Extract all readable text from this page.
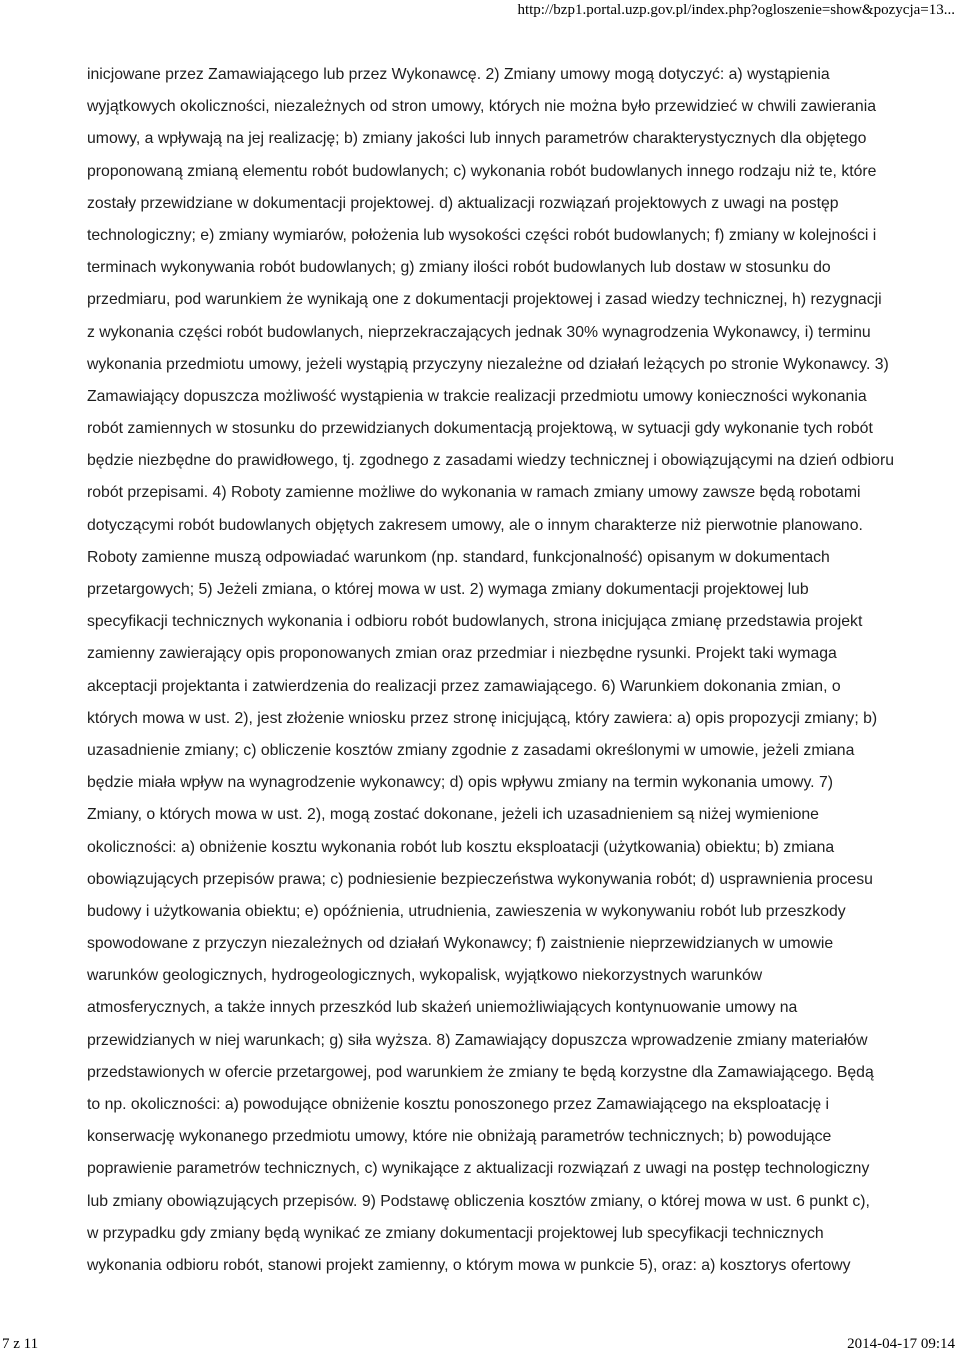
http://bzp1.portal.uzp.gov.pl/index.php?ogloszenie=show&pozycja=13...
inicjowane przez Zamawiającego lub przez Wykonawcę. 2) Zmiany umowy mogą dotyczyć: a) wystąpienia
wyjątkowych okoliczności, niezależnych od stron umowy, których nie można było przewidzieć w chwili zawierania
umowy, a wpływają na jej realizację; b) zmiany jakości lub innych parametrów charakterystycznych dla objętego
proponowaną zmianą elementu robót budowlanych; c) wykonania robót budowlanych innego rodzaju niż te, które
zostały przewidziane w dokumentacji projektowej. d) aktualizacji rozwiązań projektowych z uwagi na postęp
technologiczny; e) zmiany wymiarów, położenia lub wysokości części robót budowlanych; f) zmiany w kolejności i
terminach wykonywania robót budowlanych; g) zmiany ilości robót budowlanych lub dostaw w stosunku do
przedmiaru, pod warunkiem że wynikają one z dokumentacji projektowej i zasad wiedzy technicznej, h) rezygnacji
z wykonania części robót budowlanych, nieprzekraczających jednak 30% wynagrodzenia Wykonawcy, i) terminu
wykonania przedmiotu umowy, jeżeli wystąpią przyczyny niezależne od działań leżących po stronie Wykonawcy. 3)
Zamawiający dopuszcza możliwość wystąpienia w trakcie realizacji przedmiotu umowy konieczności wykonania
robót zamiennych w stosunku do przewidzianych dokumentacją projektową, w sytuacji gdy wykonanie tych robót
będzie niezbędne do prawidłowego, tj. zgodnego z zasadami wiedzy technicznej i obowiązującymi na dzień odbioru
robót przepisami. 4) Roboty zamienne możliwe do wykonania w ramach zmiany umowy zawsze będą robotami
dotyczącymi robót budowlanych objętych zakresem umowy, ale o innym charakterze niż pierwotnie planowano.
Roboty zamienne muszą odpowiadać warunkom (np. standard, funkcjonalność) opisanym w dokumentach
przetargowych; 5) Jeżeli zmiana, o której mowa w ust. 2) wymaga zmiany dokumentacji projektowej lub
specyfikacji technicznych wykonania i odbioru robót budowlanych, strona inicjująca zmianę przedstawia projekt
zamienny zawierający opis proponowanych zmian oraz przedmiar i niezbędne rysunki. Projekt taki wymaga
akceptacji projektanta i zatwierdzenia do realizacji przez zamawiającego. 6) Warunkiem dokonania zmian, o
których mowa w ust. 2), jest złożenie wniosku przez stronę inicjującą, który zawiera: a) opis propozycji zmiany; b)
uzasadnienie zmiany; c) obliczenie kosztów zmiany zgodnie z zasadami określonymi w umowie, jeżeli zmiana
będzie miała wpływ na wynagrodzenie wykonawcy; d) opis wpływu zmiany na termin wykonania umowy. 7)
Zmiany, o których mowa w ust. 2), mogą zostać dokonane, jeżeli ich uzasadnieniem są niżej wymienione
okoliczności: a) obniżenie kosztu wykonania robót lub kosztu eksploatacji (użytkowania) obiektu; b) zmiana
obowiązujących przepisów prawa; c) podniesienie bezpieczeństwa wykonywania robót; d) usprawnienia procesu
budowy i użytkowania obiektu; e) opóźnienia, utrudnienia, zawieszenia w wykonywaniu robót lub przeszkody
spowodowane z przyczyn niezależnych od działań Wykonawcy; f) zaistnienie nieprzewidzianych w umowie
warunków geologicznych, hydrogeologicznych, wykopalisk, wyjątkowo niekorzystnych warunków
atmosferycznych, a także innych przeszkód lub skażeń uniemożliwiających kontynuowanie umowy na
przewidzianych w niej warunkach; g) siła wyższa. 8) Zamawiający dopuszcza wprowadzenie zmiany materiałów
przedstawionych w ofercie przetargowej, pod warunkiem że zmiany te będą korzystne dla Zamawiającego. Będą
to np. okoliczności: a) powodujące obniżenie kosztu ponoszonego przez Zamawiającego na eksploatację i
konserwację wykonanego przedmiotu umowy, które nie obniżają parametrów technicznych; b) powodujące
poprawienie parametrów technicznych, c) wynikające z aktualizacji rozwiązań z uwagi na postęp technologiczny
lub zmiany obowiązujących przepisów. 9) Podstawę obliczenia kosztów zmiany, o której mowa w ust. 6 punkt c),
w przypadku gdy zmiany będą wynikać ze zmiany dokumentacji projektowej lub specyfikacji technicznych
wykonania odbioru robót, stanowi projekt zamienny, o którym mowa w punkcie 5), oraz: a) kosztorys ofertowy
7 z 11	2014-04-17 09:14
